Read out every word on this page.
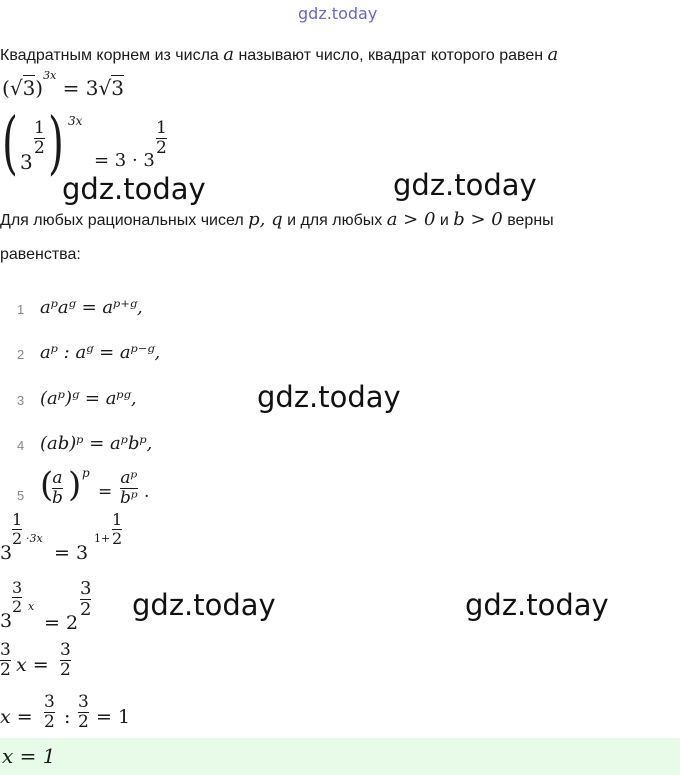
gdz.today
Квадратным корнем из числа a называют число, квадрат которого равен a
$(√3)^{3x} = 3√3$
( 3
1
2 ) 3x
= 3 · 3
1
2
gdz.today	gdz.today
Для любых рациональных чисел p, q и для любых a > 0 и b > 0 верны
равенства:
1 aᵖaᵍ = aᵖ⁺ᵍ,
2 aᵖ : aᵍ = aᵖ⁻ᵍ,
3 (aᵖ)ᵍ = aᵖᵍ,
4 (ab)ᵖ = aᵖbᵖ,
5 ( a
b ) p
=
aᵖ
bᵖ .
gdz.today
3
1
2 ·3x
= 3
1+
1
2
3
3
2 x
= 2
3
2 gdz.today	gdz.today
3
2 x =
3
2
x =
3
2 :
3
2 = 1
x = 1
